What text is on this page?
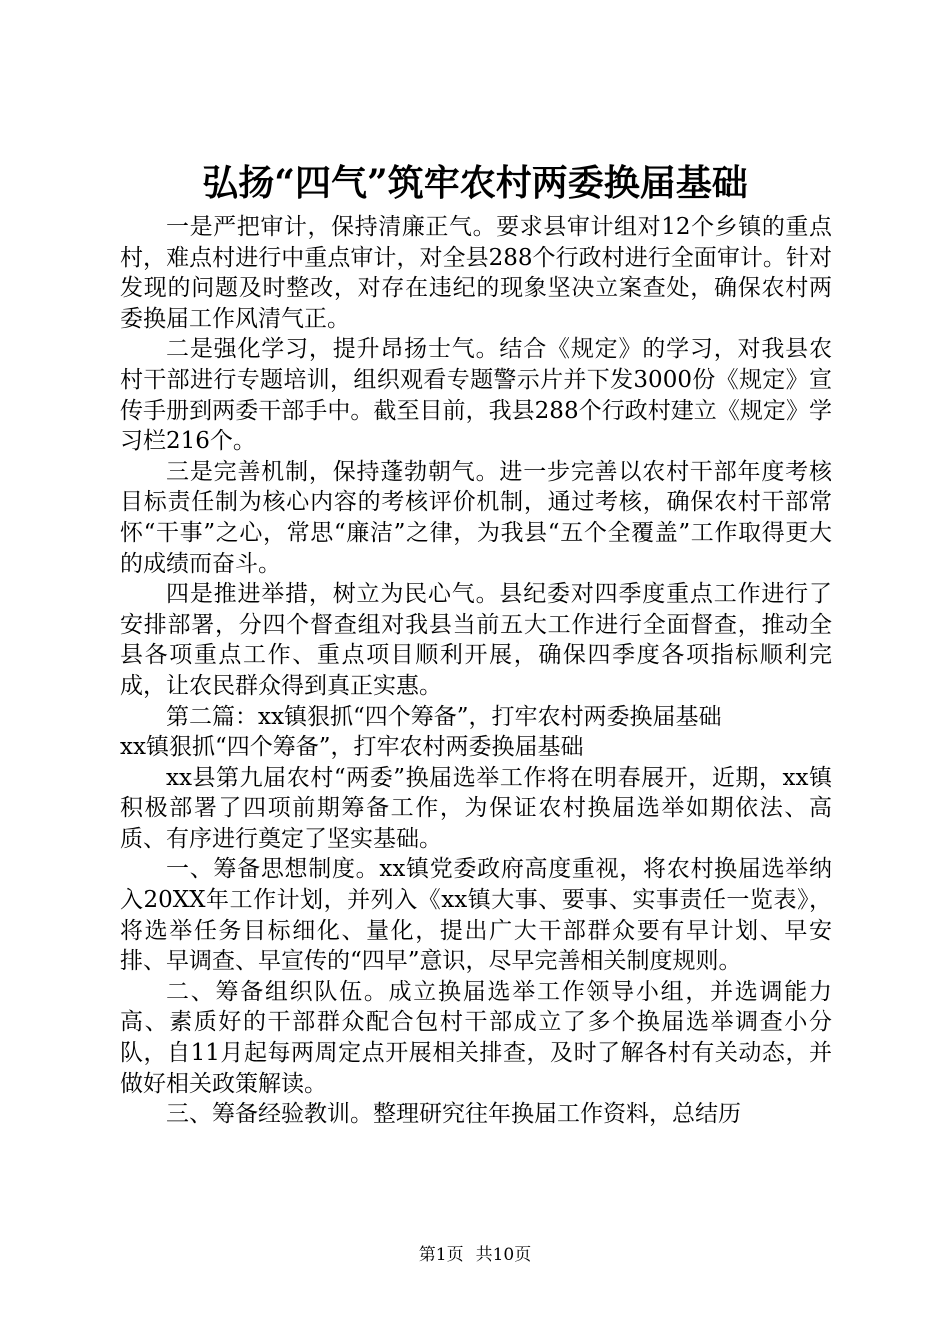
弘扬“四气”筑牢农村两委换届基础

一是严把审计，保持清廉正气。要求县审计组对12个乡镇的重点村，难点村进行中重点审计，对全县288个行政村进行全面审计。针对发现的问题及时整改，对存在违纪的现象坚决立案查处，确保农村两委换届工作风清气正。

二是强化学习，提升昂扬士气。结合《规定》的学习，对我县农村干部进行专题培训，组织观看专题警示片并下发3000份《规定》宣传手册到两委干部手中。截至目前，我县288个行政村建立《规定》学习栏216个。

三是完善机制，保持蓬勃朝气。进一步完善以农村干部年度考核目标责任制为核心内容的考核评价机制，通过考核，确保农村干部常怀“干事”之心，常思“廉洁”之律，为我县“五个全覆盖”工作取得更大的成绩而奋斗。

四是推进举措，树立为民心气。县纪委对四季度重点工作进行了安排部署，分四个督查组对我县当前五大工作进行全面督查，推动全县各项重点工作、重点项目顺利开展，确保四季度各项指标顺利完成，让农民群众得到真正实惠。

第二篇：xx镇狠抓“四个筹备”，打牢农村两委换届基础

xx镇狠抓“四个筹备”，打牢农村两委换届基础

xx县第九届农村“两委”换届选举工作将在明春展开，近期，xx镇积极部署了四项前期筹备工作，为保证农村换届选举如期依法、高质、有序进行奠定了坚实基础。

一、筹备思想制度。xx镇党委政府高度重视，将农村换届选举纳入20XX年工作计划，并列入《xx镇大事、要事、实事责任一览表》，将选举任务目标细化、量化，提出广大干部群众要有早计划、早安排、早调查、早宣传的“四早”意识，尽早完善相关制度规则。

二、筹备组织队伍。成立换届选举工作领导小组，并选调能力高、素质好的干部群众配合包村干部成立了多个换届选举调查小分队，自11月起每两周定点开展相关排查，及时了解各村有关动态，并做好相关政策解读。

三、筹备经验教训。整理研究往年换届工作资料，总结历

第1页 共10页
